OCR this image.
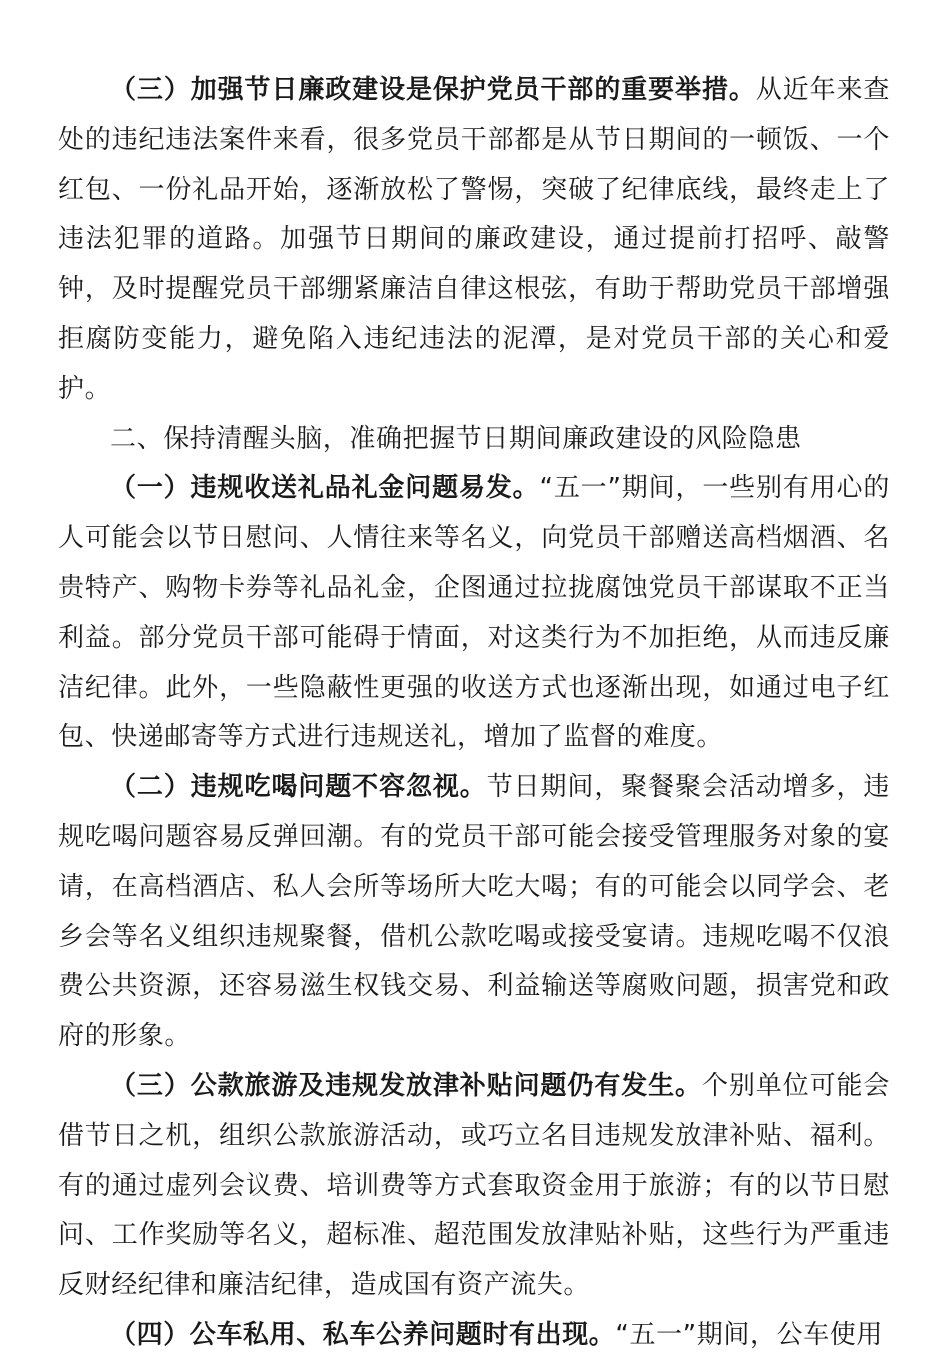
（三）加强节日廉政建设是保护党员干部的重要举措。从近年来查处的违纪违法案件来看，很多党员干部都是从节日期间的一顿饭、一个红包、一份礼品开始，逐渐放松了警惕，突破了纪律底线，最终走上了违法犯罪的道路。加强节日期间的廉政建设，通过提前打招呼、敲警钟，及时提醒党员干部绷紧廉洁自律这根弦，有助于帮助党员干部增强拒腐防变能力，避免陷入违纪违法的泥潭，是对党员干部的关心和爱护。

二、保持清醒头脑，准确把握节日期间廉政建设的风险隐患

（一）违规收送礼品礼金问题易发。“五一”期间，一些别有用心的人可能会以节日慰问、人情往来等名义，向党员干部赠送高档烟酒、名贵特产、购物卡券等礼品礼金，企图通过拉拢腐蚀党员干部谋取不正当利益。部分党员干部可能碍于情面，对这类行为不加拒绝，从而违反廉洁纪律。此外，一些隐蔽性更强的收送方式也逐渐出现，如通过电子红包、快递邮寄等方式进行违规送礼，增加了监督的难度。

（二）违规吃喝问题不容忽视。节日期间，聚餐聚会活动增多，违规吃喝问题容易反弹回潮。有的党员干部可能会接受管理服务对象的宴请，在高档酒店、私人会所等场所大吃大喝；有的可能会以同学会、老乡会等名义组织违规聚餐，借机公款吃喝或接受宴请。违规吃喝不仅浪费公共资源，还容易滋生权钱交易、利益输送等腐败问题，损害党和政府的形象。

（三）公款旅游及违规发放津补贴问题仍有发生。个别单位可能会借节日之机，组织公款旅游活动，或巧立名目违规发放津补贴、福利。有的通过虚列会议费、培训费等方式套取资金用于旅游；有的以节日慰问、工作奖励等名义，超标准、超范围发放津贴补贴，这些行为严重违反财经纪律和廉洁纪律，造成国有资产流失。

（四）公车私用、私车公养问题时有出现。“五一”期间，公车使用
